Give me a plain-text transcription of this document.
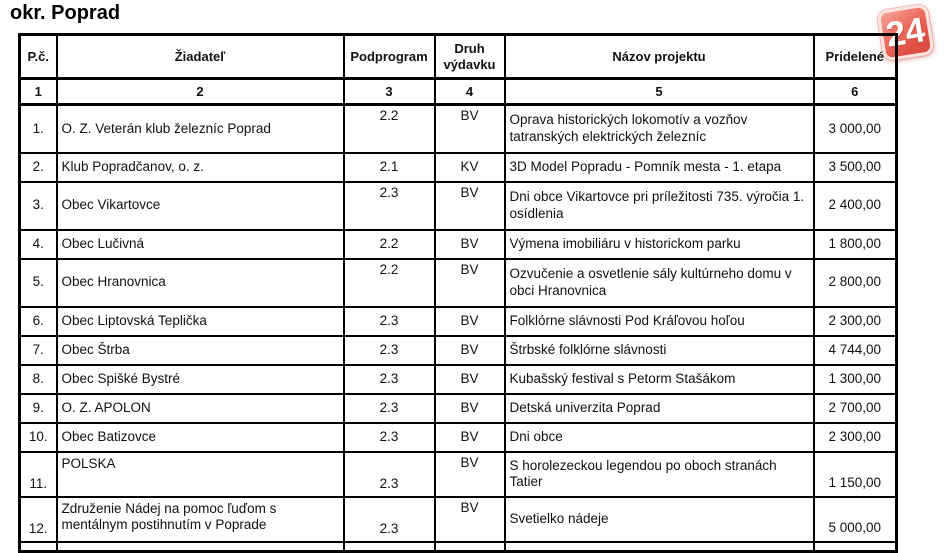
okr. Poprad	24
P.č.	Žiadateľ	Podprogram	Druh výdavku	Názov projektu	Pridelené
1	2	3	4	5	6
1.	O. Z. Veterán klub železníc Poprad	2.2	BV	Oprava historických lokomotív a vozňov tatranských elektrických železníc	3 000,00
2.	Klub Popradčanov, o. z.	2.1	KV	3D Model Popradu - Pomník mesta - 1. etapa	3 500,00
3.	Obec Vikartovce	2.3	BV	Dni obce Vikartovce pri príležitosti 735. výročia 1. osídlenia	2 400,00
4.	Obec Lučivná	2.2	BV	Výmena imobiliáru v historickom parku	1 800,00
5.	Obec Hranovnica	2.2	BV	Ozvučenie a osvetlenie sály kultúrneho domu v obci Hranovnica	2 800,00
6.	Obec Liptovská Teplička	2.3	BV	Folklórne slávnosti Pod Kráľovou hoľou	2 300,00
7.	Obec Štrba	2.3	BV	Štrbské folklórne slávnosti	4 744,00
8.	Obec Spišké Bystré	2.3	BV	Kubašský festival s Petorm Stašákom	1 300,00
9.	O. Z. APOLON	2.3	BV	Detská univerzita Poprad	2 700,00
10.	Obec Batizovce	2.3	BV	Dni obce	2 300,00
11.	POLSKA	2.3	BV	S horolezeckou legendou po oboch stranách Tatier	1 150,00
12.	Združenie Nádej na pomoc ľuďom s mentálnym postihnutím v Poprade	2.3	BV	Svetielko nádeje	5 000,00
